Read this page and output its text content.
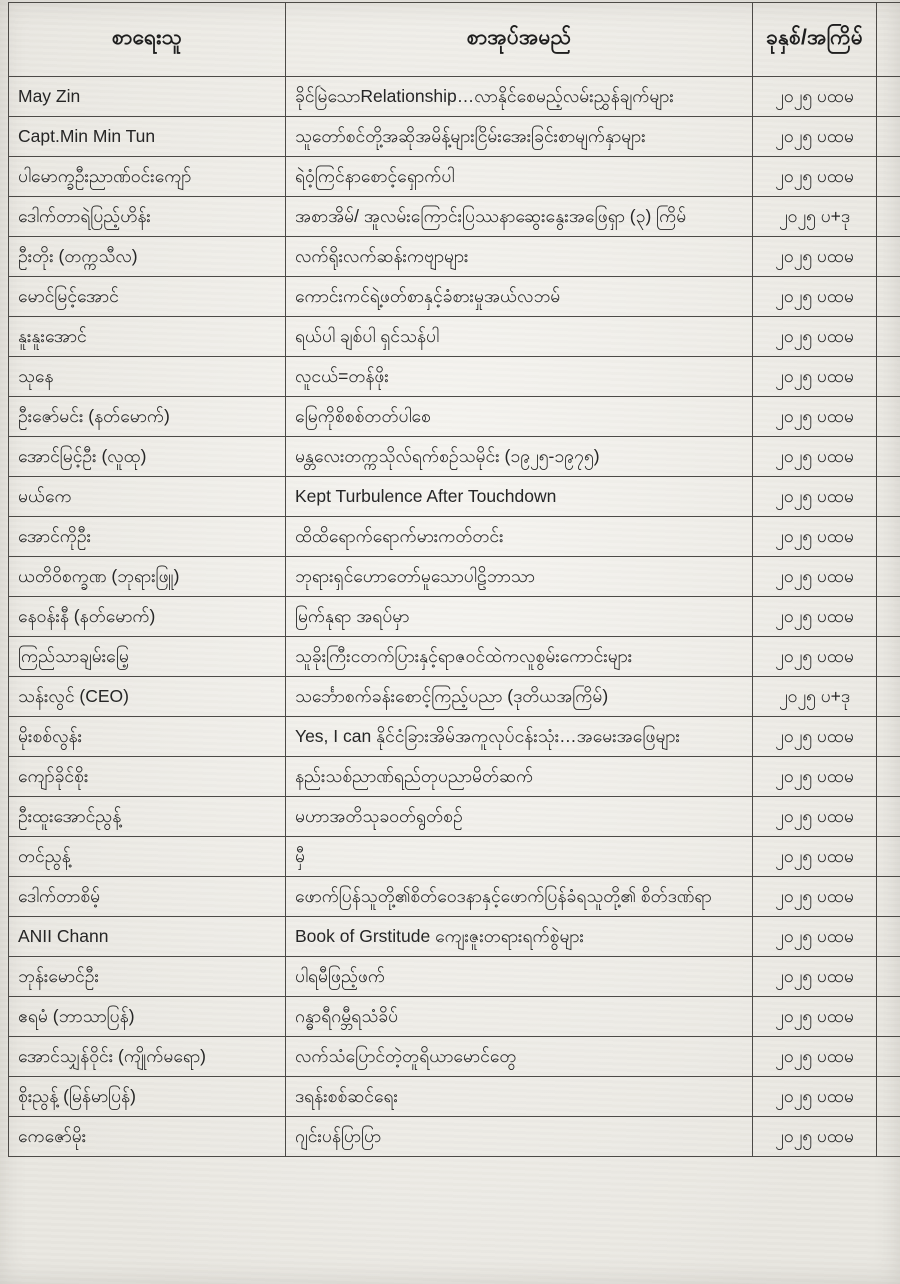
စာရေးသူ	စာအုပ်အမည်	ခုနှစ်/အကြိမ်	
May Zin	ခိုင်မြဲသောRelationship…လာနိုင်စေမည့်လမ်းညွှန်ချက်များ	၂၀၂၅ ပထမ	
Capt.Min Min Tun	သူတော်စင်တို့အဆိုအမိန့်များငြိမ်းအေးခြင်းစာမျက်နှာများ	၂၀၂၅ ပထမ	
ပါမောက္ခဦးညာဏ်ဝင်းကျော်	ရဲဝံ့ကြင်နာစောင့်ရှောက်ပါ	၂၀၂၅ ပထမ	
ဒေါက်တာရဲပြည့်ဟိန်း	အစာအိမ်/ အူလမ်းကြောင်းပြဿနာဆွေးနွေးအဖြေရှာ (၃) ကြိမ်	၂၀၂၅ ပ+ဒု	
ဦးတိုး (တက္ကသီလ)	လက်ရိုးလက်ဆန်းကဗျာများ	၂၀၂၅ ပထမ	
မောင်မြင့်အောင်	ကောင်းကင်ရဲ့ဖတ်စာနှင့်ခံစားမှုအယ်လဘမ်	၂၀၂၅ ပထမ	
နူးနူးအောင်	ရယ်ပါ ချစ်ပါ ရှင်သန်ပါ	၂၀၂၅ ပထမ	
သုနေ	လူငယ်=တန်ဖိုး	၂၀၂၅ ပထမ	
ဦးဇော်မင်း (နတ်မောက်)	မြေကိုစိစစ်တတ်ပါစေ	၂၀၂၅ ပထမ	
အောင်မြင့်ဦး (လူထု)	မန္တလေးတက္ကသိုလ်ရက်စဉ်သမိုင်း (၁၉၂၅-၁၉၇၅)	၂၀၂၅ ပထမ	
မယ်ကေ	Kept Turbulence After Touchdown	၂၀၂၅ ပထမ	
အောင်ကိုဦး	ထိထိရောက်ရောက်မားကတ်တင်း	၂၀၂၅ ပထမ	
ယတိဝိစက္ခဏ (ဘုရားဖြူ)	ဘုရားရှင်ဟောတော်မူသောပါဠိဘာသာ	၂၀၂၅ ပထမ	
နေဝန်းနီ (နတ်မောက်)	မြက်နုရာ အရပ်မှာ	၂၀၂၅ ပထမ	
ကြည်သာချမ်းမြေ့	သူခိုးကြီးငတက်ပြားနှင့်ရာဇဝင်ထဲကလူစွမ်းကောင်းများ	၂၀၂၅ ပထမ	
သန်းလွင် (CEO)	သင်္ဘောစက်ခန်းစောင့်ကြည့်ပညာ (ဒုတိယအကြိမ်)	၂၀၂၅ ပ+ဒု	
မိုးစစ်လွန်း	Yes, I can နိုင်ငံခြားအိမ်အကူလုပ်ငန်းသုံး…အမေးအဖြေများ	၂၀၂၅ ပထမ	
ကျော်ခိုင်စိုး	နည်းသစ်ညာဏ်ရည်တုပညာမိတ်ဆက်	၂၀၂၅ ပထမ	
ဦးထူးအောင်ညွန့်	မဟာအတိသုခဝတ်ရွတ်စဉ်	၂၀၂၅ ပထမ	
တင်ညွန့်	မှီ	၂၀၂၅ ပထမ	
ဒေါက်တာစိမ့်	ဖောက်ပြန်သူတို့၏စိတ်ဝေဒနာနှင့်ဖောက်ပြန်ခံရသူတို့၏ စိတ်ဒဏ်ရာ	၂၀၂၅ ပထမ	
ANII Chann	Book of Grstitude ကျေးဇူးတရားရက်စွဲများ	၂၀၂၅ ပထမ	
ဘုန်းမောင်ဦး	ပါရမီဖြည့်ဖက်	၂၀၂၅ ပထမ	
ဧရမံ (ဘာသာပြန်)	ဂန္ဓာရီဂမ္ဘီရသံခိပ်	၂၀၂၅ ပထမ	
အောင်သျှန်ဝိုင်း (ကျိုက်မရော)	လက်သံပြောင်တဲ့တူရိယာမောင်တွေ	၂၀၂၅ ပထမ	
စိုးညွန့် (မြန်မာပြန်)	ဒရန်းစစ်ဆင်ရေး	၂၀၂၅ ပထမ	
ကေဇော်မိုး	ဂျင်းပန်ပြာပြာ	၂၀၂၅ ပထမ	
